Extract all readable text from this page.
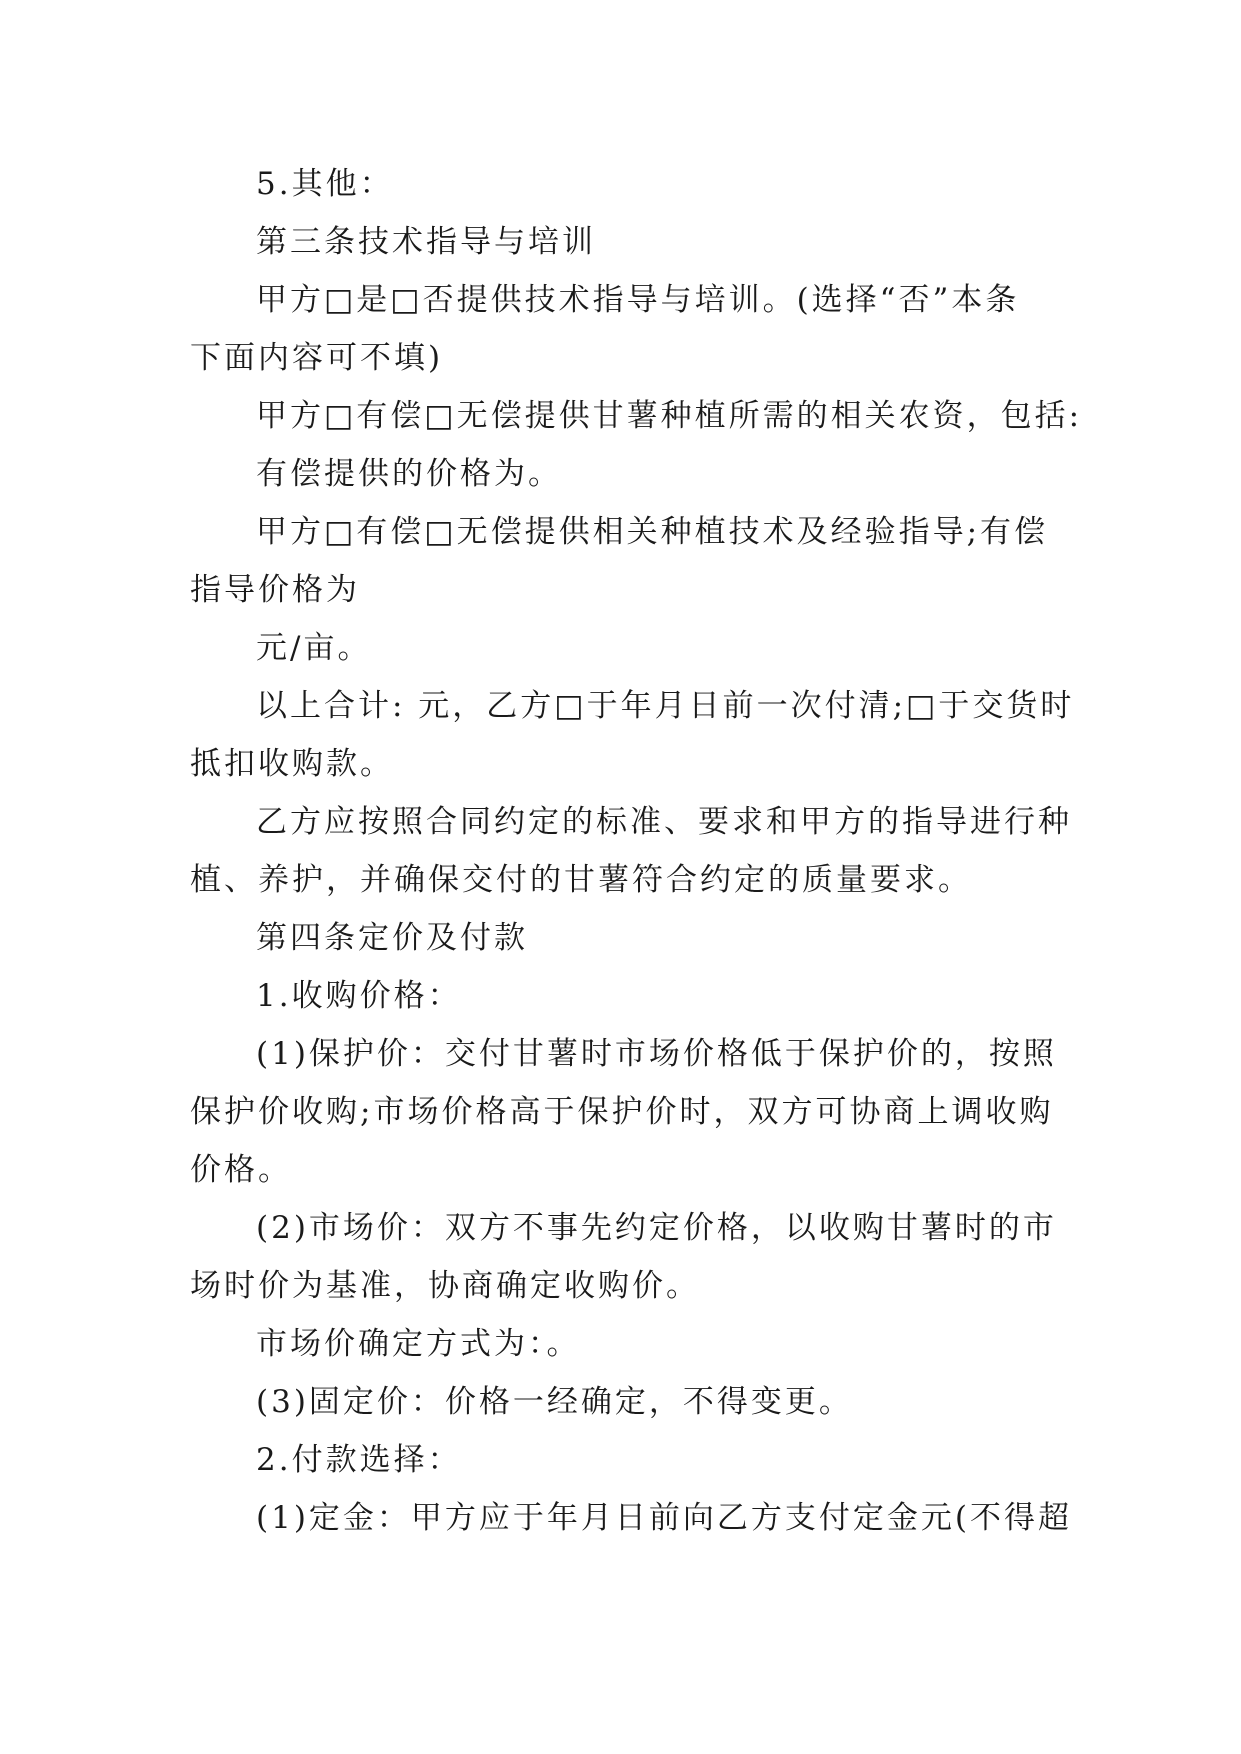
5.其他：
第三条技术指导与培训
甲方□是□否提供技术指导与培训。(选择“否”本条
下面内容可不填)
甲方□有偿□无偿提供甘薯种植所需的相关农资，包括:
有偿提供的价格为。
甲方□有偿□无偿提供相关种植技术及经验指导;有偿
指导价格为
元/亩。
以上合计: 元，乙方□于年月日前一次付清;□于交货时
抵扣收购款。
乙方应按照合同约定的标准、要求和甲方的指导进行种
植、养护，并确保交付的甘薯符合约定的质量要求。
第四条定价及付款
1.收购价格：
(1)保护价：交付甘薯时市场价格低于保护价的，按照
保护价收购;市场价格高于保护价时，双方可协商上调收购
价格。
(2)市场价：双方不事先约定价格，以收购甘薯时的市
场时价为基准，协商确定收购价。
市场价确定方式为：。
(3)固定价：价格一经确定，不得变更。
2.付款选择：
(1)定金：甲方应于年月日前向乙方支付定金元(不得超
